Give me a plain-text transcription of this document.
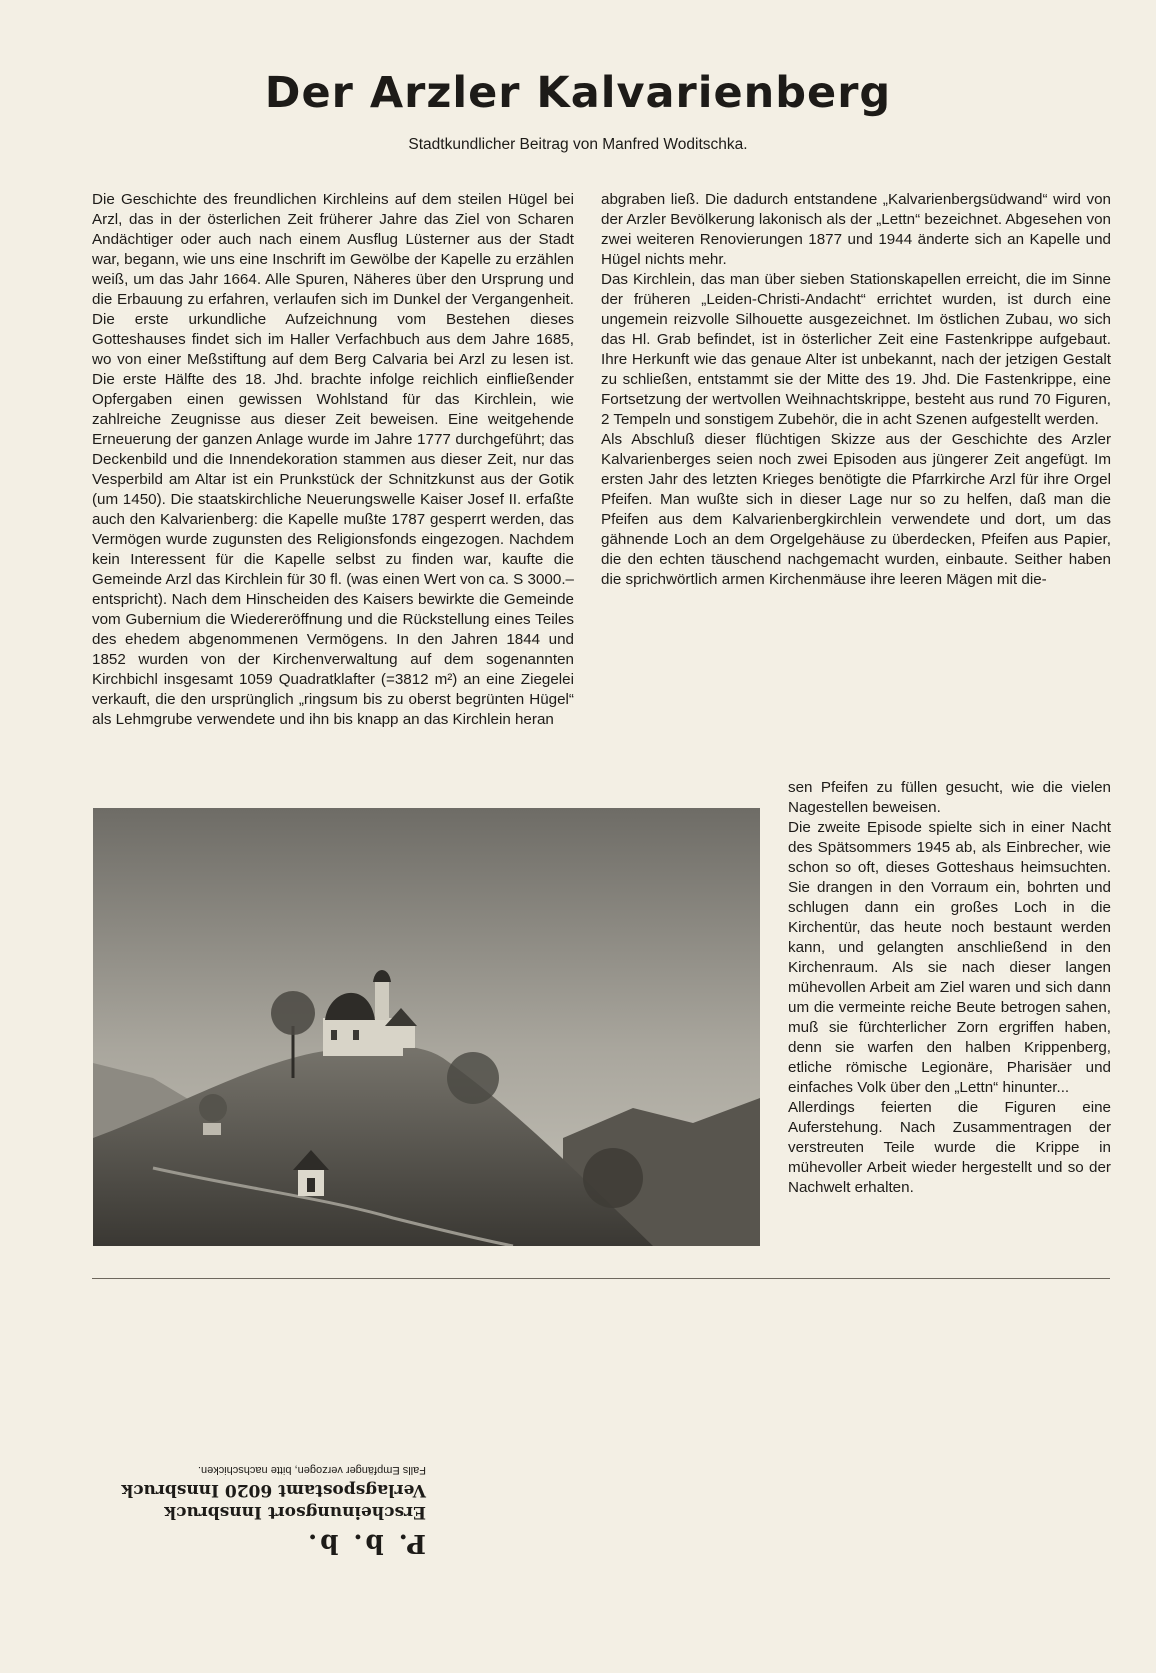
Der Arzler Kalvarienberg
Stadtkundlicher Beitrag von Manfred Woditschka.

Die Geschichte des freundlichen Kirchleins auf dem steilen Hügel bei Arzl, das in der österlichen Zeit früherer Jahre das Ziel von Scharen Andächtiger oder auch nach einem Ausflug Lüsterner aus der Stadt war, begann, wie uns eine Inschrift im Gewölbe der Kapelle zu erzählen weiß, um das Jahr 1664. Alle Spuren, Näheres über den Ursprung und die Erbauung zu erfahren, verlaufen sich im Dunkel der Vergangenheit. Die erste urkundliche Aufzeichnung vom Bestehen dieses Gotteshauses findet sich im Haller Verfachbuch aus dem Jahre 1685, wo von einer Meßstiftung auf dem Berg Calvaria bei Arzl zu lesen ist. Die erste Hälfte des 18. Jhd. brachte infolge reichlich einfließender Opfergaben einen gewissen Wohlstand für das Kirchlein, wie zahlreiche Zeugnisse aus dieser Zeit beweisen. Eine weitgehende Erneuerung der ganzen Anlage wurde im Jahre 1777 durchgeführt; das Deckenbild und die Innendekoration stammen aus dieser Zeit, nur das Vesperbild am Altar ist ein Prunkstück der Schnitzkunst aus der Gotik (um 1450). Die staatskirchliche Neuerungswelle Kaiser Josef II. erfaßte auch den Kalvarienberg: die Kapelle mußte 1787 gesperrt werden, das Vermögen wurde zugunsten des Religionsfonds eingezogen. Nachdem kein Interessent für die Kapelle selbst zu finden war, kaufte die Gemeinde Arzl das Kirchlein für 30 fl. (was einen Wert von ca. S 3000.– entspricht). Nach dem Hinscheiden des Kaisers bewirkte die Gemeinde vom Gubernium die Wiedereröffnung und die Rückstellung eines Teiles des ehedem abgenommenen Vermögens. In den Jahren 1844 und 1852 wurden von der Kirchenverwaltung auf dem sogenannten Kirchbichl insgesamt 1059 Quadratklafter (=3812 m²) an eine Ziegelei verkauft, die den ursprünglich „ringsum bis zu oberst begrünten Hügel“ als Lehmgrube verwendete und ihn bis knapp an das Kirchlein heran

abgraben ließ. Die dadurch entstandene „Kalvarienbergsüdwand“ wird von der Arzler Bevölkerung lakonisch als der „Lettn“ bezeichnet. Abgesehen von zwei weiteren Renovierungen 1877 und 1944 änderte sich an Kapelle und Hügel nichts mehr.

Das Kirchlein, das man über sieben Stationskapellen erreicht, die im Sinne der früheren „Leiden-Christi-Andacht“ errichtet wurden, ist durch eine ungemein reizvolle Silhouette ausgezeichnet. Im östlichen Zubau, wo sich das Hl. Grab befindet, ist in österlicher Zeit eine Fastenkrippe aufgebaut. Ihre Herkunft wie das genaue Alter ist unbekannt, nach der jetzigen Gestalt zu schließen, entstammt sie der Mitte des 19. Jhd. Die Fastenkrippe, eine Fortsetzung der wertvollen Weihnachtskrippe, besteht aus rund 70 Figuren, 2 Tempeln und sonstigem Zubehör, die in acht Szenen aufgestellt werden.

Als Abschluß dieser flüchtigen Skizze aus der Geschichte des Arzler Kalvarienberges seien noch zwei Episoden aus jüngerer Zeit angefügt. Im ersten Jahr des letzten Krieges benötigte die Pfarrkirche Arzl für ihre Orgel Pfeifen. Man wußte sich in dieser Lage nur so zu helfen, daß man die Pfeifen aus dem Kalvarienbergkirchlein verwendete und dort, um das gähnende Loch an dem Orgelgehäuse zu überdecken, Pfeifen aus Papier, die den echten täuschend nachgemacht wurden, einbaute. Seither haben die sprichwörtlich armen Kirchenmäuse ihre leeren Mägen mit die-

sen Pfeifen zu füllen gesucht, wie die vielen Nagestellen beweisen.

Die zweite Episode spielte sich in einer Nacht des Spätsommers 1945 ab, als Einbrecher, wie schon so oft, dieses Gotteshaus heimsuchten. Sie drangen in den Vorraum ein, bohrten und schlugen dann ein großes Loch in die Kirchentür, das heute noch bestaunt werden kann, und gelangten anschließend in den Kirchenraum. Als sie nach dieser langen mühevollen Arbeit am Ziel waren und sich dann um die vermeinte reiche Beute betrogen sahen, muß sie fürchterlicher Zorn ergriffen haben, denn sie warfen den halben Krippenberg, etliche römische Legionäre, Pharisäer und einfaches Volk über den „Lettn“ hinunter...

Allerdings feierten die Figuren eine Auferstehung. Nach Zusammentragen der verstreuten Teile wurde die Krippe in mühevoller Arbeit wieder hergestellt und so der Nachwelt erhalten.

P. b. b.

Erscheinungsort Innsbruck

Verlagspostamt 6020 Innsbruck

Falls Empfänger verzogen, bitte nachschicken.
